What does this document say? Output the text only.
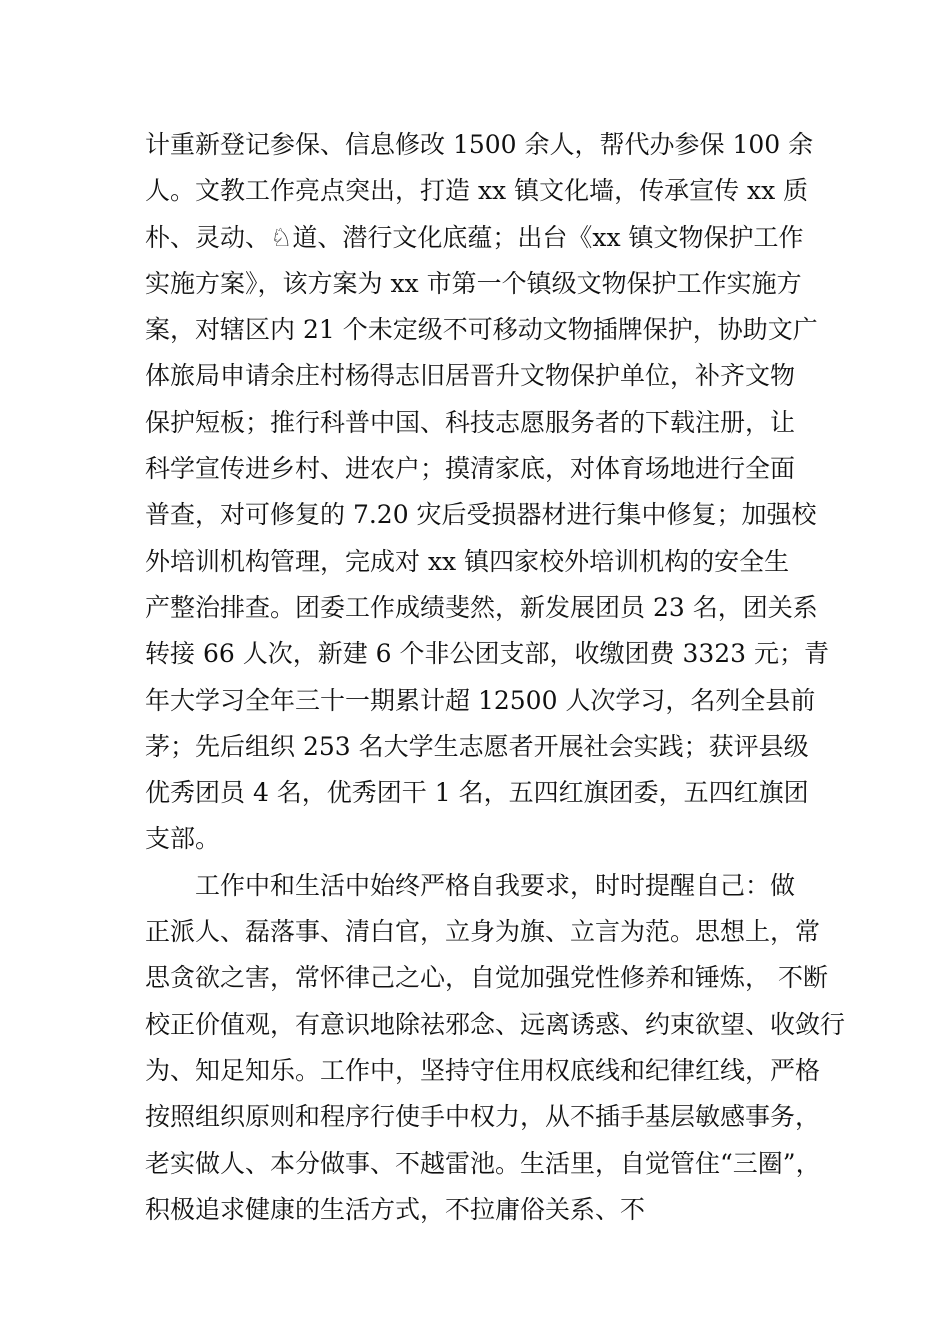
计重新登记参保、信息修改 1500 余人，帮代办参保 100 余
人。文教工作亮点突出，打造 xx 镇文化墙，传承宣传 xx 质
朴、灵动、♘道、潜行文化底蕴；出台《xx 镇文物保护工作
实施方案》，该方案为 xx 市第一个镇级文物保护工作实施方
案，对辖区内 21 个未定级不可移动文物插牌保护，协助文广
体旅局申请余庄村杨得志旧居晋升文物保护单位，补齐文物
保护短板；推行科普中国、科技志愿服务者的下载注册，让
科学宣传进乡村、进农户；摸清家底，对体育场地进行全面
普查，对可修复的 7.20 灾后受损器材进行集中修复；加强校
外培训机构管理，完成对 xx 镇四家校外培训机构的安全生
产整治排查。团委工作成绩斐然，新发展团员 23 名，团关系
转接 66 人次，新建 6 个非公团支部，收缴团费 3323 元；青
年大学习全年三十一期累计超 12500 人次学习，名列全县前
茅；先后组织 253 名大学生志愿者开展社会实践；获评县级
优秀团员 4 名，优秀团干 1 名，五四红旗团委，五四红旗团
支部。
工作中和生活中始终严格自我要求，时时提醒自己：做
正派人、磊落事、清白官，立身为旗、立言为范。思想上，常
思贪欲之害，常怀律己之心，自觉加强党性修养和锤炼， 不断
校正价值观，有意识地除祛邪念、远离诱惑、约束欲望、收敛行
为、知足知乐。工作中，坚持守住用权底线和纪律红线，严格
按照组织原则和程序行使手中权力，从不插手基层敏感事务，
老实做人、本分做事、不越雷池。生活里，自觉管住“三圈”，
积极追求健康的生活方式，不拉庸俗关系、不
